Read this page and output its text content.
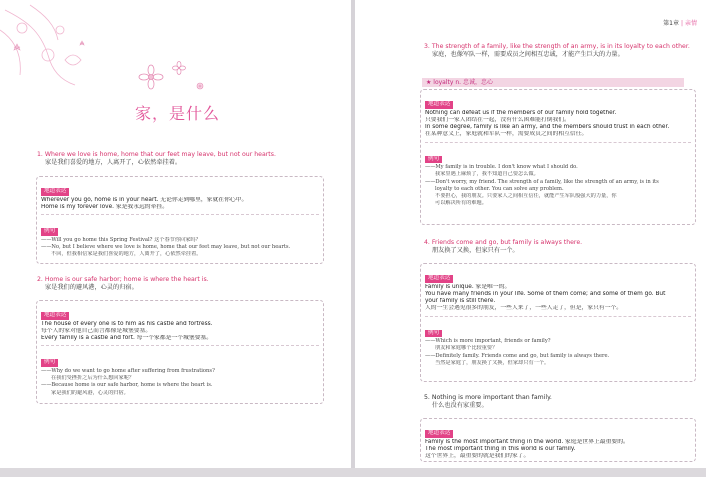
家，是什么
1. Where we love is home, home that our feet may leave, but not our hearts.
家是我们喜爱的地方，人离开了，心依然牵挂着。
地道表达
Wherever you go, home is in your heart. 无论你走到哪里，家就在你心中。
Home is my forever love. 家是我永远的牵挂。
例句
——Will you go home this Spring Festival? 这个春节你回家吗？
——No, but I believe where we love is home, home that our feet may leave, but not our hearts.
不回，但我相信家是我们喜爱的地方，人离开了，心依然牵挂着。
2. Home is our safe harbor; home is where the heart is.
家是我们的避风港，心灵的归宿。
地道表达
The house of every one is to him as his castle and fortress.
每个人的家对他自己而言都像是城堡要塞。
Every family is a castle and fort. 每一个家都是一个城堡要塞。
例句
——Why do we want to go home after suffering from frustrations?
在我们受挫折之后为什么想回家呢？
——Because home is our safe harbor, home is where the heart is.
家是我们的避风港，心灵的归宿。
第1章 | 亲情
3. The strength of a family, like the strength of an army, is in its loyalty to each other.
家庭，也像军队一样，需要成员之间相互忠诚，才能产生巨大的力量。
★ loyalty n. 忠诚，忠心
地道表达
Nothing can defeat us if the members of our family hold together.
只要我们一家人团结在一起，没有什么困难能打倒我们。
In some degree, family is like an army, and the members should trust in each other.
在某种意义上，家庭就和军队一样，需要成员之间的相互信任。
例句
——My family is in trouble. I don't know what I should do.
我家里遇上麻烦了，我不知道自己要怎么做。
——Don't worry, my friend. The strength of a family, like the strength of an army, is in its
loyalty to each other. You can solve any problem.
不要担心，我的朋友。只要家人之间相互信任，就能产生军队般强大的力量，你
可以解决所有的难题。
4. Friends come and go, but family is always there.
朋友换了又换，但家只有一个。
地道表达
Family is unique. 家是唯一的。
You have many friends in your life. Some of them come; and some of them go. But
your family is still there.
人的一生会遇见很多的朋友，一些人来了，一些人走了，但是，家只有一个。
例句
——Which is more important, friends or family?
朋友和家庭哪个比较重要？
——Definitely family. Friends come and go, but family is always there.
当然是家庭了，朋友换了又换，但家却只有一个。
5. Nothing is more important than family.
什么也没有家重要。
地道表达
Family is the most important thing in the world. 家庭是世界上最重要的。
The most important thing in this world is our family.
这个世界上，最重要的就是我们的家了。
